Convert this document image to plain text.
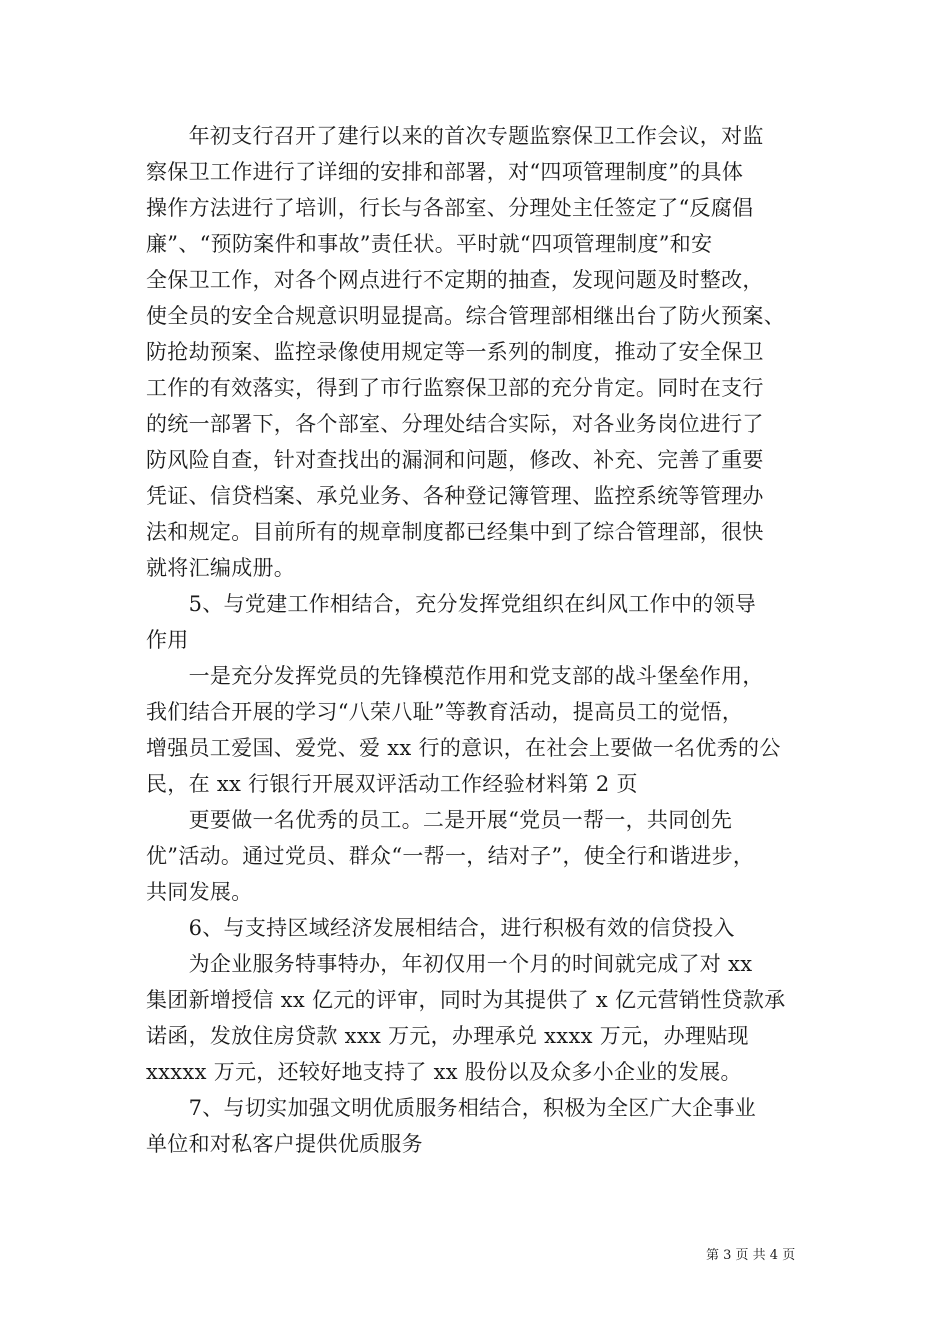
　　年初支行召开了建行以来的首次专题监察保卫工作会议，对监
察保卫工作进行了详细的安排和部署，对“四项管理制度”的具体
操作方法进行了培训，行长与各部室、分理处主任签定了“反腐倡
廉”、“预防案件和事故”责任状。平时就“四项管理制度”和安
全保卫工作，对各个网点进行不定期的抽查，发现问题及时整改，
使全员的安全合规意识明显提高。综合管理部相继出台了防火预案、
防抢劫预案、监控录像使用规定等一系列的制度，推动了安全保卫
工作的有效落实，得到了市行监察保卫部的充分肯定。同时在支行
的统一部署下，各个部室、分理处结合实际，对各业务岗位进行了
防风险自查，针对查找出的漏洞和问题，修改、补充、完善了重要
凭证、信贷档案、承兑业务、各种登记簿管理、监控系统等管理办
法和规定。目前所有的规章制度都已经集中到了综合管理部，很快
就将汇编成册。
　　5、与党建工作相结合，充分发挥党组织在纠风工作中的领导
作用
　　一是充分发挥党员的先锋模范作用和党支部的战斗堡垒作用，
我们结合开展的学习“八荣八耻”等教育活动，提高员工的觉悟，
增强员工爱国、爱党、爱 xx 行的意识，在社会上要做一名优秀的公
民，在 xx 行银行开展双评活动工作经验材料第 2 页
　　更要做一名优秀的员工。二是开展“党员一帮一，共同创先
优”活动。通过党员、群众“一帮一，结对子”，使全行和谐进步，
共同发展。
　　6、与支持区域经济发展相结合，进行积极有效的信贷投入
　　为企业服务特事特办，年初仅用一个月的时间就完成了对 xx
集团新增授信 xx 亿元的评审，同时为其提供了 x 亿元营销性贷款承
诺函，发放住房贷款 xxx 万元，办理承兑 xxxx 万元，办理贴现
xxxxx 万元，还较好地支持了 xx 股份以及众多小企业的发展。
　　7、与切实加强文明优质服务相结合，积极为全区广大企事业
单位和对私客户提供优质服务
第 3 页 共 4 页
